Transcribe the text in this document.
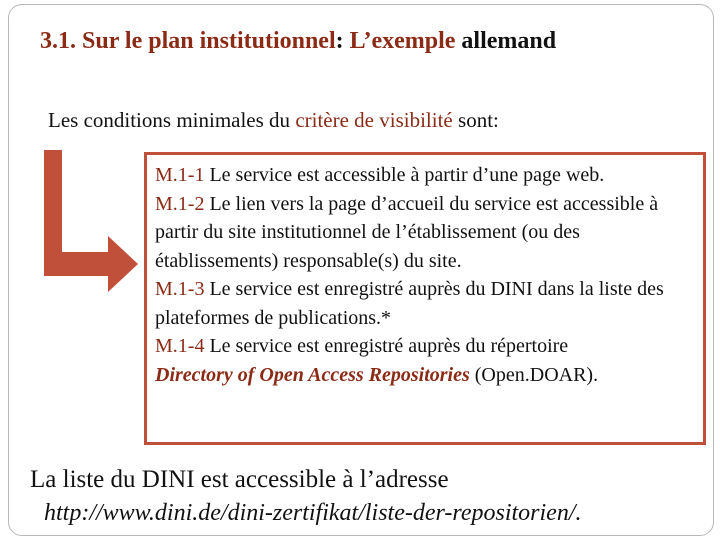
3.1. Sur le plan institutionnel: L’exemple allemand
Les conditions minimales du critère de visibilité sont:

M.1-1 Le service est accessible à partir d’une page web.

M.1-2 Le lien vers la page d’accueil du service est accessible à partir du site institutionnel de l’établissement (ou des établissements) responsable(s) du site.

M.1-3 Le service est enregistré auprès du DINI dans la liste des plateformes de publications.*

M.1-4 Le service est enregistré auprès du répertoire
Directory of Open Access Repositories (Open.DOAR).

La liste du DINI est accessible à l’adresse
http://www.dini.de/dini-zertifikat/liste-der-repositorien/.
